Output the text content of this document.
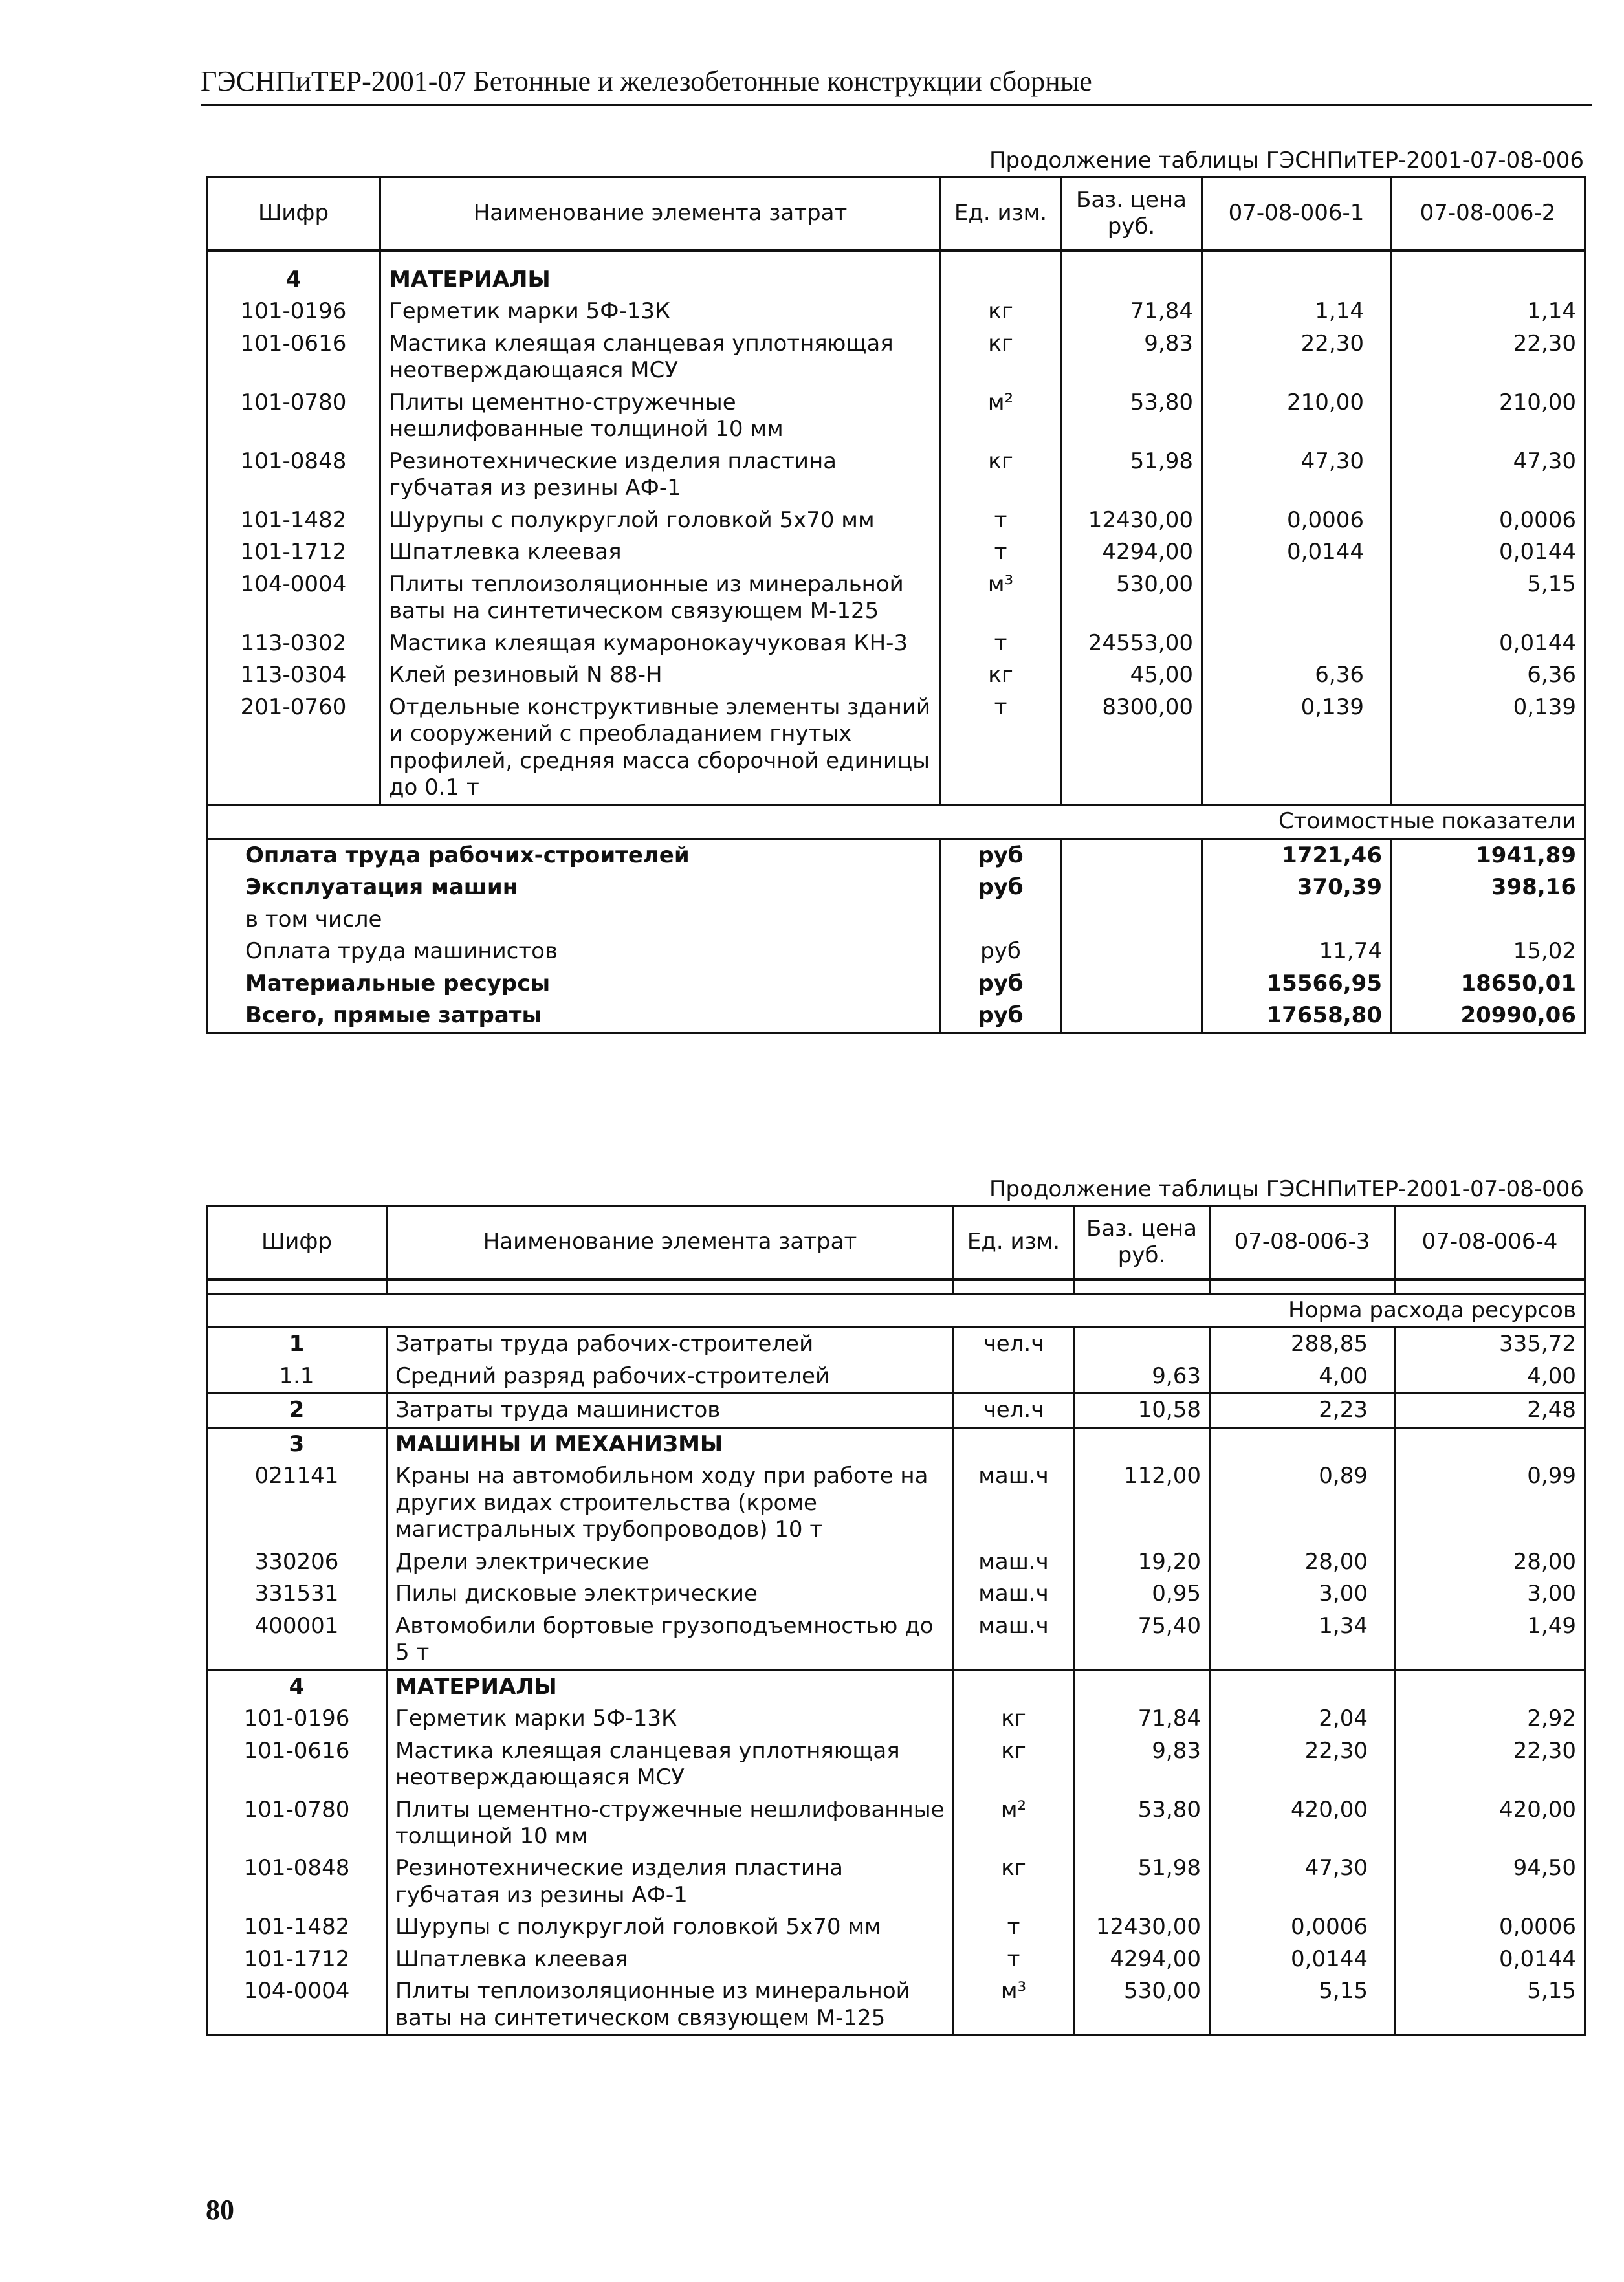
ГЭСНПиТЕР-2001-07 Бетонные и железобетонные конструкции сборные
Продолжение таблицы ГЭСНПиТЕР-2001-07-08-006
Шифр	Наименование элемента затрат	Ед. изм.	Баз. цена руб.	07-08-006-1	07-08-006-2

4	МАТЕРИАЛЫ				
101-0196	Герметик марки 5Ф-13К	кг	71,84	1,14	1,14
101-0616	Мастика клеящая сланцевая уплотняющая неотверждающаяся МСУ	кг	9,83	22,30	22,30
101-0780	Плиты цементно-стружечные нешлифованные толщиной 10 мм	м²	53,80	210,00	210,00
101-0848	Резинотехнические изделия пластина губчатая из резины АФ-1	кг	51,98	47,30	47,30
101-1482	Шурупы с полукруглой головкой 5х70 мм	т	12430,00	0,0006	0,0006
101-1712	Шпатлевка клеевая	т	4294,00	0,0144	0,0144
104-0004	Плиты теплоизоляционные из минеральной ваты на синтетическом связующем М-125	м³	530,00		5,15
113-0302	Мастика клеящая кумаронокаучуковая КН-3	т	24553,00		0,0144
113-0304	Клей резиновый N 88-Н	кг	45,00	6,36	6,36
201-0760	Отдельные конструктивные элементы зданий и сооружений с преобладанием гнутых профилей, средняя масса сборочной единицы до 0.1 т	т	8300,00	0,139	0,139
Стоимостные показатели					
Оплата труда рабочих-строителей		руб		1721,46	1941,89
Эксплуатация машин		руб		370,39	398,16
в том числе					
Оплата труда машинистов		руб		11,74	15,02
Материальные ресурсы		руб		15566,95	18650,01
Всего, прямые затраты		руб		17658,80	20990,06
Продолжение таблицы ГЭСНПиТЕР-2001-07-08-006
Шифр	Наименование элемента затрат	Ед. изм.	Баз. цена руб.	07-08-006-3	07-08-006-4

Норма расхода ресурсов					
1	Затраты труда рабочих-строителей	чел.ч		288,85	335,72
1.1	Средний разряд рабочих-строителей		9,63	4,00	4,00
2	Затраты труда машинистов	чел.ч	10,58	2,23	2,48
3	МАШИНЫ И МЕХАНИЗМЫ				
021141	Краны на автомобильном ходу при работе на других видах строительства (кроме магистральных трубопроводов) 10 т	маш.ч	112,00	0,89	0,99
330206	Дрели электрические	маш.ч	19,20	28,00	28,00
331531	Пилы дисковые электрические	маш.ч	0,95	3,00	3,00
400001	Автомобили бортовые грузоподъемностью до 5 т	маш.ч	75,40	1,34	1,49
4	МАТЕРИАЛЫ				
101-0196	Герметик марки 5Ф-13К	кг	71,84	2,04	2,92
101-0616	Мастика клеящая сланцевая уплотняющая неотверждающаяся МСУ	кг	9,83	22,30	22,30
101-0780	Плиты цементно-стружечные нешлифованные толщиной 10 мм	м²	53,80	420,00	420,00
101-0848	Резинотехнические изделия пластина губчатая из резины АФ-1	кг	51,98	47,30	94,50
101-1482	Шурупы с полукруглой головкой 5х70 мм	т	12430,00	0,0006	0,0006
101-1712	Шпатлевка клеевая	т	4294,00	0,0144	0,0144
104-0004	Плиты теплоизоляционные из минеральной ваты на синтетическом связующем М-125	м³	530,00	5,15	5,15
80
